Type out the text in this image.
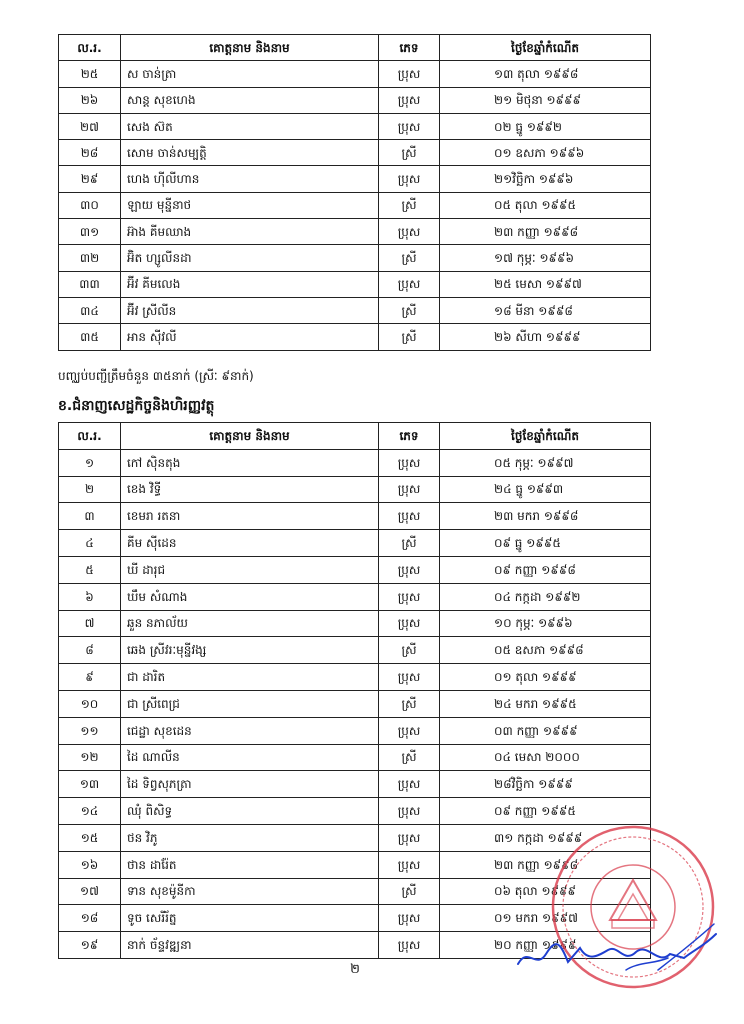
ល.រ.	គោត្តនាម និងនាម	ភេទ	ថ្ងៃខែឆ្នាំកំណើត
២៥	ស ចាន់ត្រា	ប្រុស	១៣ តុលា ១៩៩៨
២៦	សាន្ត សុខហេង	ប្រុស	២១ មិថុនា ១៩៩៩
២៧	សេង ស៊ត	ប្រុស	០២ ធ្នូ ១៩៩២
២៨	សោម ចាន់សម្បត្តិ	ស្រី	០១ ឧសភា ១៩៩៦
២៩	ហេង ហ៊ីលីហាន	ប្រុស	២១វិច្ឆិកា ១៩៩៦
៣០	ឡាយ មុន្នីនាថ	ស្រី	០៥ តុលា ១៩៩៥
៣១	អ៊ាង គីមឈាង	ប្រុស	២៣ កញ្ញា ១៩៩៨
៣២	អ៊ិត ហ្សូលីនដា	ស្រី	១៧ កុម្ភៈ ១៩៩៦
៣៣	អ៊ីវ គីមលេង	ប្រុស	២៥ មេសា ១៩៩៧
៣៤	អ៊ីវ ស្រីលីន	ស្រី	១៨ មីនា ១៩៩៨
៣៥	អាន ស៊ីវលី	ស្រី	២៦ សីហា ១៩៩៩
បញ្ឈប់បញ្ជីត្រឹមចំនួន ៣៥នាក់ (ស្រីៈ ៩នាក់)
ខ.ជំនាញសេដ្ឋកិច្ចនិងហិរញ្ញវត្ថុ
ល.រ.	គោត្តនាម និងនាម	ភេទ	ថ្ងៃខែឆ្នាំកំណើត
១	កៅ ស៊ិនតុង	ប្រុស	០៥ កុម្ភៈ ១៩៩៧
២	ខេង វិទ្ធី	ប្រុស	២៤ ធ្នូ ១៩៩៣
៣	ខេមរា រតនា	ប្រុស	២៣ មករា ១៩៩៨
៤	គីម ស៊ីដេន	ស្រី	០៩ ធ្នូ ១៩៩៥
៥	ឃី ដារុជ	ប្រុស	០៩ កញ្ញា ១៩៩៨
៦	ឃឹម សំណាង	ប្រុស	០៤ កក្កដា ១៩៩២
៧	ឆួន នភាល័យ	ប្រុស	១០ កុម្ភៈ ១៩៩៦
៨	ឆេង ស្រីវរៈមុន្នីវង្ស	ស្រី	០៥ ឧសភា ១៩៩៨
៩	ជា ដារិត	ប្រុស	០១ តុលា ១៩៩៩
១០	ជា ស្រីពេជ្រ	ស្រី	២៤ មករា ១៩៩៥
១១	ជេដ្ឋា សុខដេន	ប្រុស	០៣ កញ្ញា ១៩៩៩
១២	ដៃ ណាលីន	ស្រី	០៤ មេសា ២០០០
១៣	ដៃ ទិព្វសុភត្រា	ប្រុស	២៨វិច្ឆិកា ១៩៩៩
១៤	ឈុំ ពិសិទ្ធ	ប្រុស	០៩ កញ្ញា ១៩៩៥
១៥	ថន វិភូ	ប្រុស	៣១ កក្កដា ១៩៩៩
១៦	ថាន ដារ៉ែត	ប្រុស	២៣ កញ្ញា ១៩៩៨
១៧	ទាន សុខម៉ូនីកា	ស្រី	០៦ តុលា ១៩៩៩
១៨	ទូច សេរីរ័ត្ន	ប្រុស	០១ មករា ១៩៩៧
១៩	នាក់ ច័ន្ទវឌ្ឍនា	ប្រុស	២០ កញ្ញា ១៩៩៩
២
